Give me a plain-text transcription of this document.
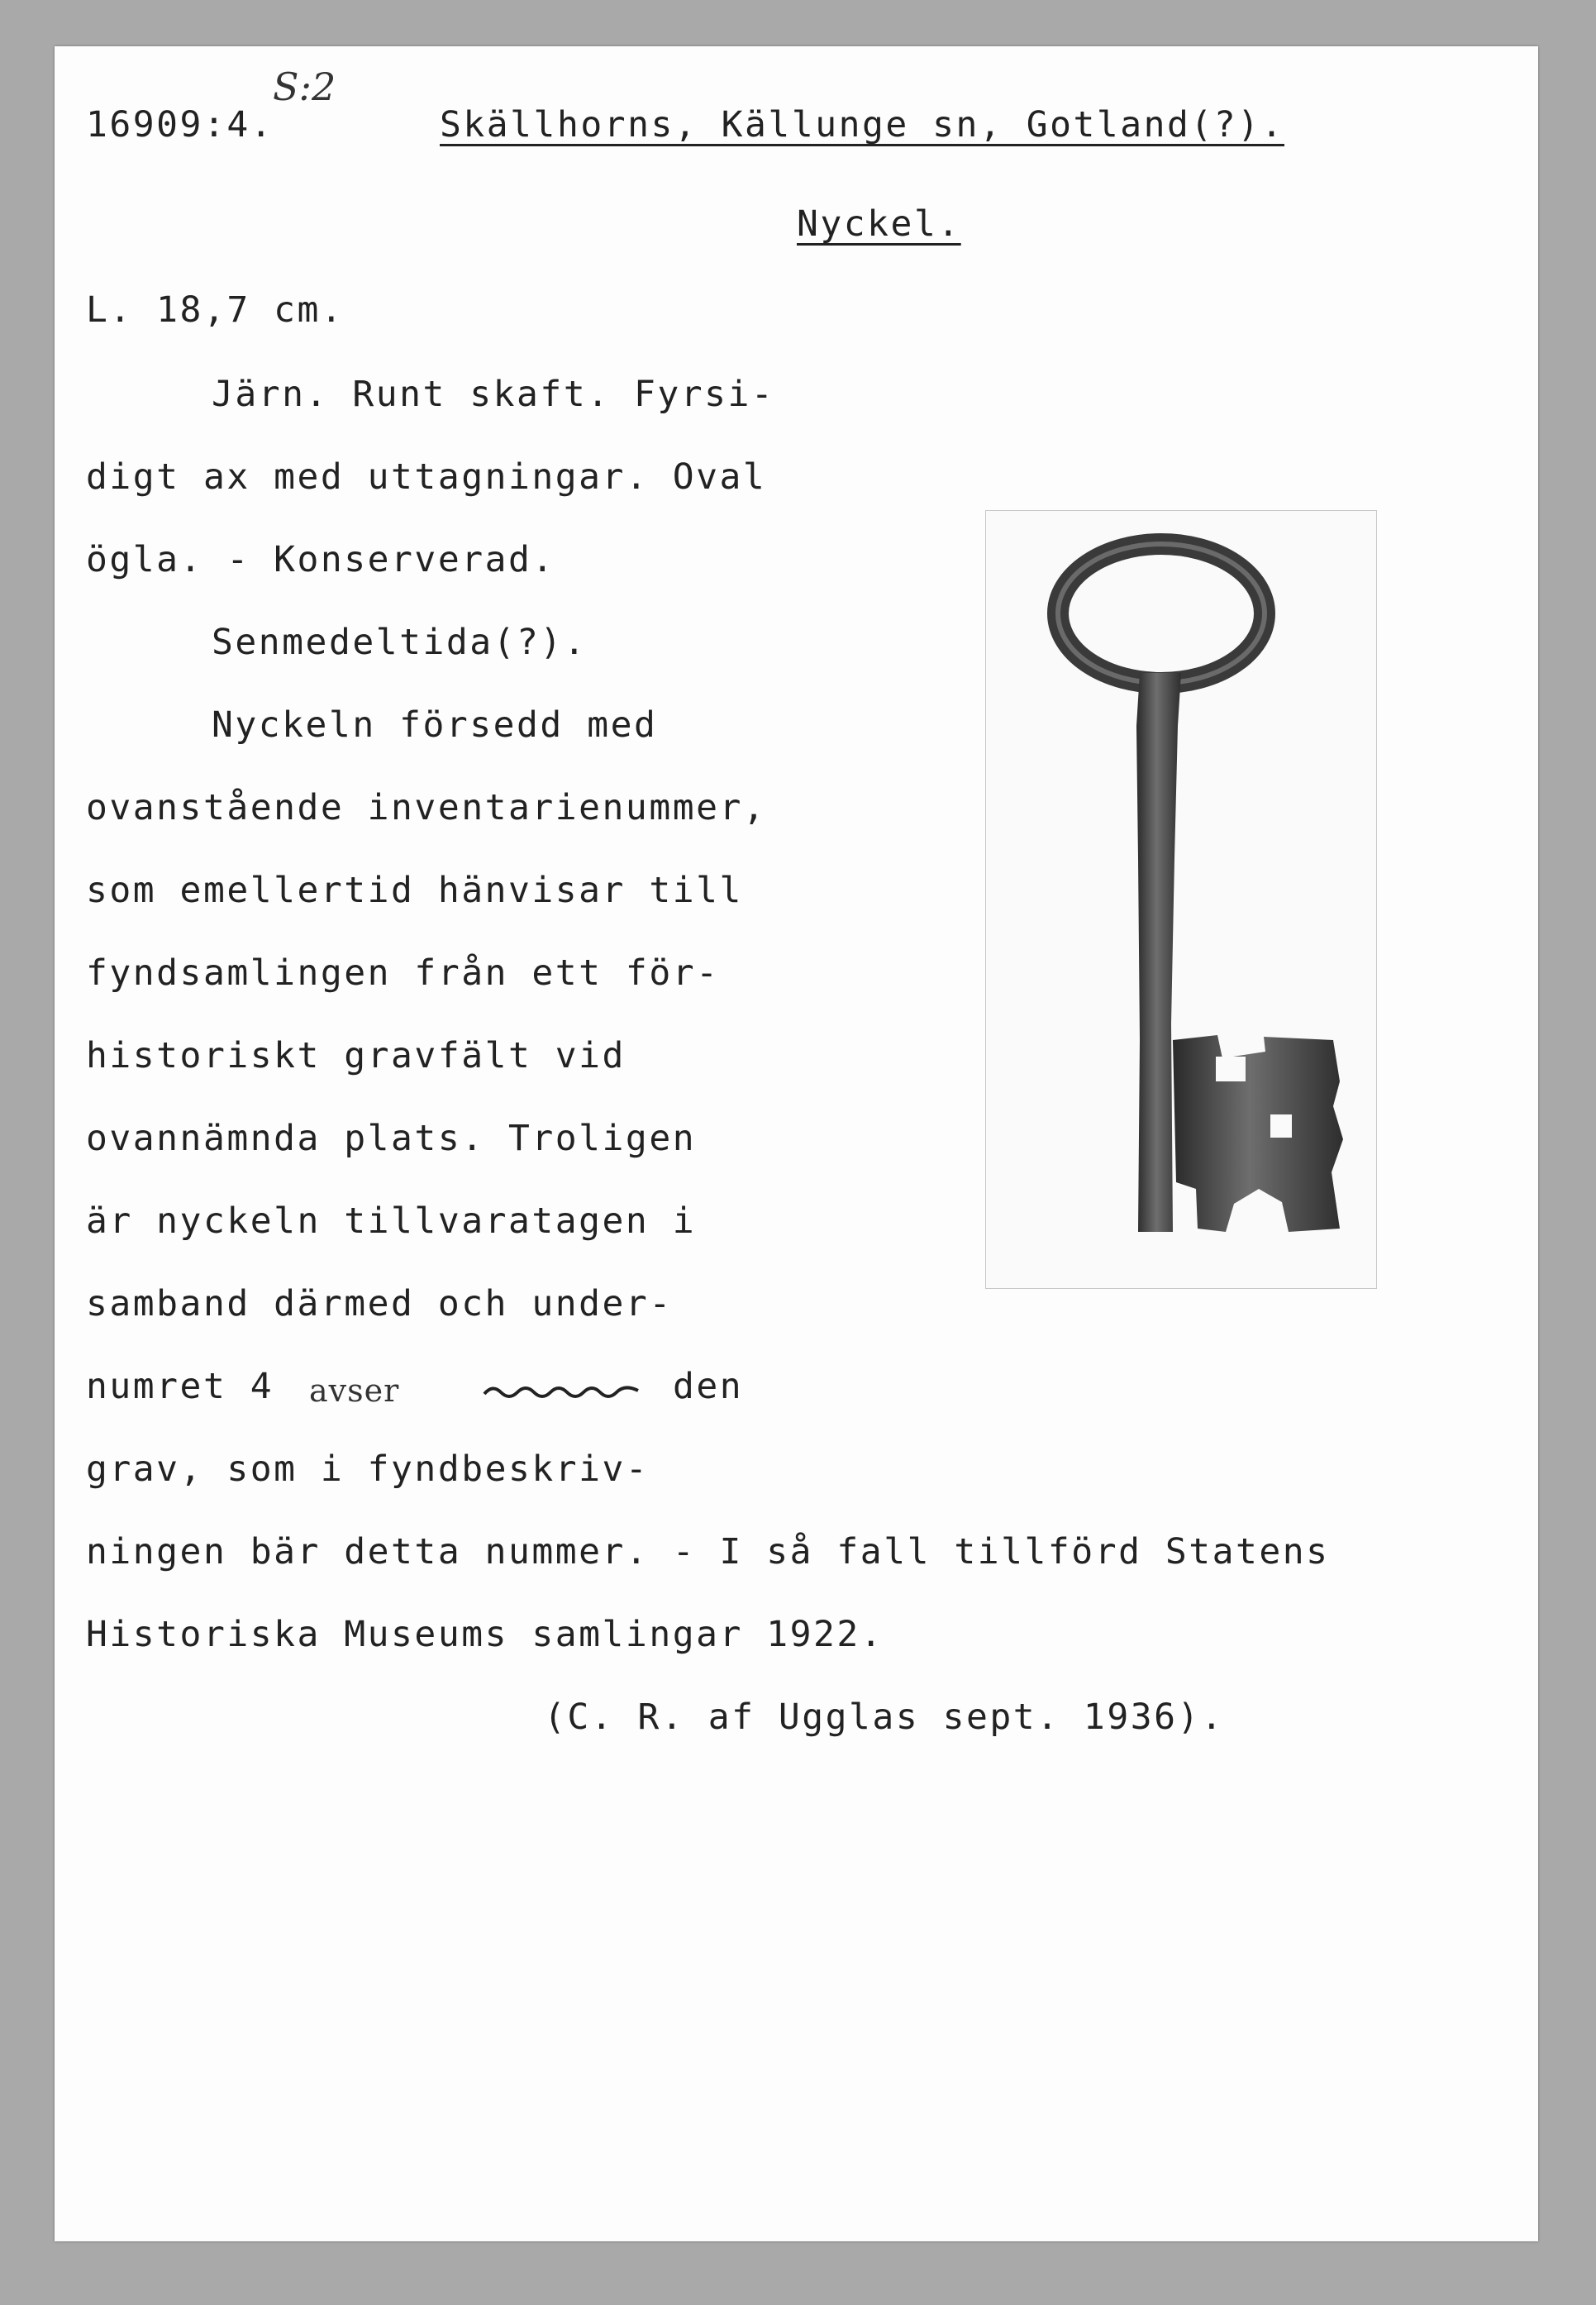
S:2
16909:4.	Skällhorns, Källunge sn, Gotland(?).
Nyckel.
L. 18,7 cm.
Järn. Runt skaft. Fyrsi-
digt ax med uttagningar. Oval
ögla. - Konserverad.
Senmedeltida(?).
Nyckeln försedd med
ovanstående inventarienummer,
som emellertid hänvisar till
fyndsamlingen från ett för-
historiskt gravfält vid
ovannämnda plats. Troligen
är nyckeln tillvaratagen i
samband därmed och under-
numret 4 avser	den
grav, som i fyndbeskriv-
ningen bär detta nummer. - I så fall tillförd Statens
Historiska Museums samlingar 1922.
(C. R. af Ugglas sept. 1936).
